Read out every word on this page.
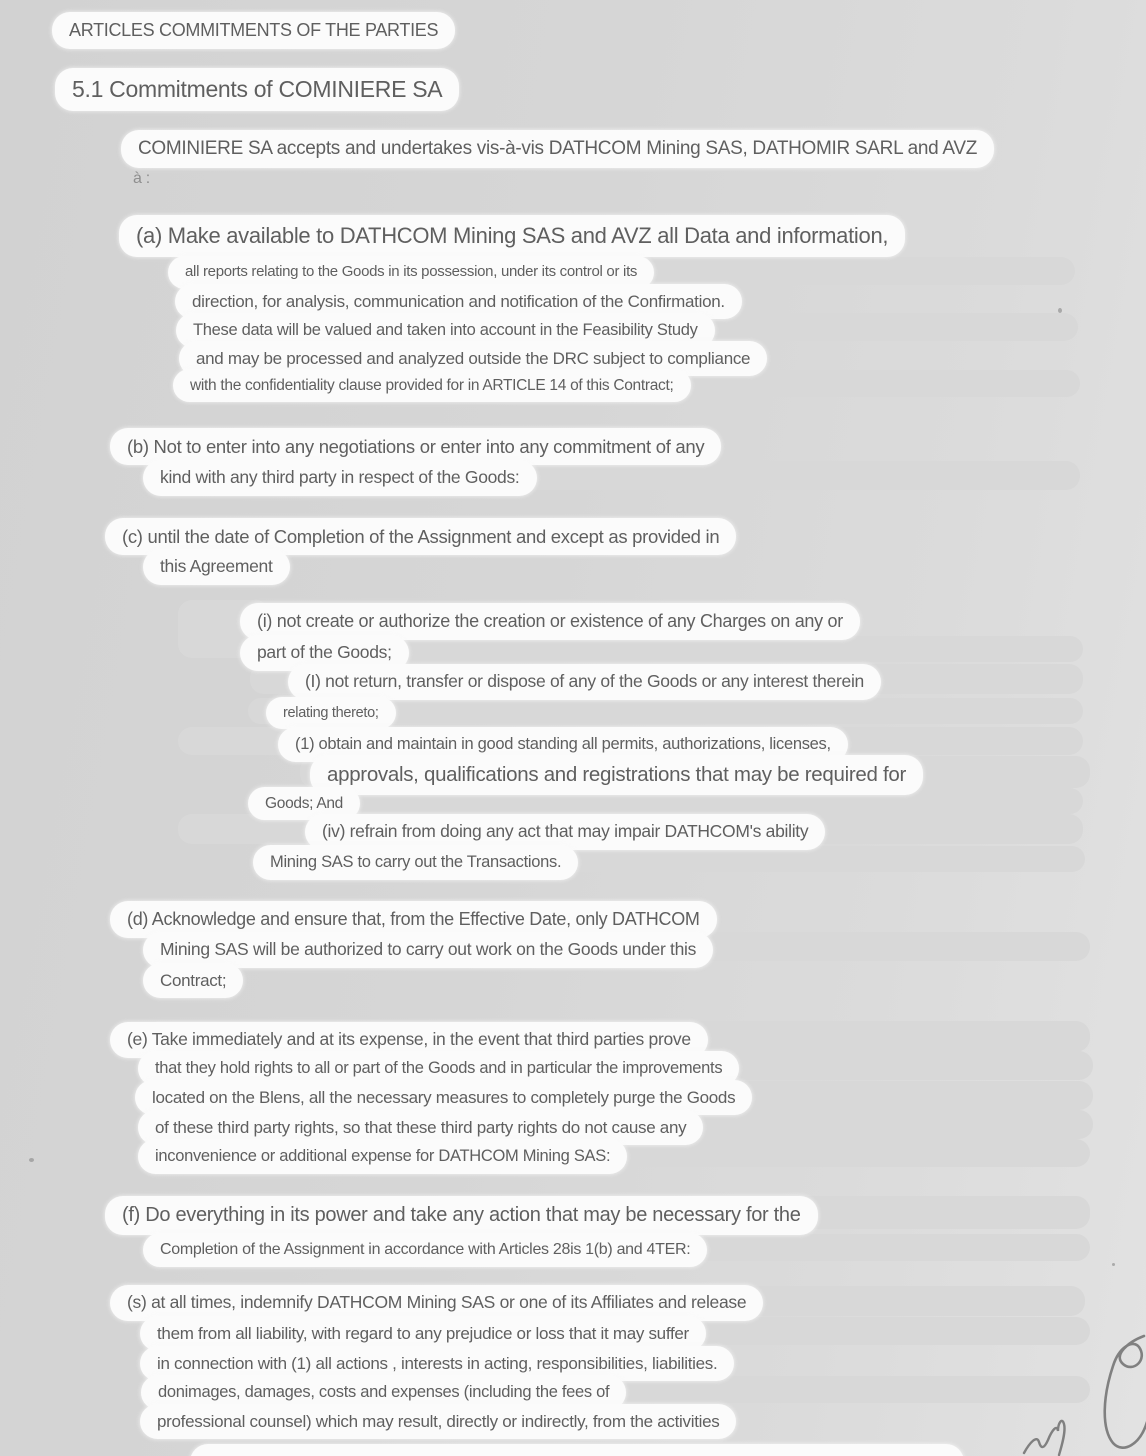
ARTICLES COMMITMENTS OF THE PARTIES
5.1 Commitments of COMINIERE SA
COMINIERE SA accepts and undertakes vis-à-vis DATHCOM Mining SAS, DATHOMIR SARL and AVZ
à :
(a) Make available to DATHCOM Mining SAS and AVZ all Data and information,
all reports relating to the Goods in its possession, under its control or its
direction, for analysis, communication and notification of the Confirmation.
These data will be valued and taken into account in the Feasibility Study
and may be processed and analyzed outside the DRC subject to compliance
with the confidentiality clause provided for in ARTICLE 14 of this Contract;
(b) Not to enter into any negotiations or enter into any commitment of any
kind with any third party in respect of the Goods:
(c) until the date of Completion of the Assignment and except as provided in
this Agreement
(i) not create or authorize the creation or existence of any Charges on any or
part of the Goods;
(I) not return, transfer or dispose of any of the Goods or any interest therein
relating thereto;
(1) obtain and maintain in good standing all permits, authorizations, licenses,
approvals, qualifications and registrations that may be required for
Goods; And
(iv) refrain from doing any act that may impair DATHCOM's ability
Mining SAS to carry out the Transactions.
(d) Acknowledge and ensure that, from the Effective Date, only DATHCOM
Mining SAS will be authorized to carry out work on the Goods under this
Contract;
(e) Take immediately and at its expense, in the event that third parties prove
that they hold rights to all or part of the Goods and in particular the improvements
located on the Blens, all the necessary measures to completely purge the Goods
of these third party rights, so that these third party rights do not cause any
inconvenience or additional expense for DATHCOM Mining SAS:
(f) Do everything in its power and take any action that may be necessary for the
Completion of the Assignment in accordance with Articles 28is 1(b) and 4TER:
(s) at all times, indemnify DATHCOM Mining SAS or one of its Affiliates and release
them from all liability, with regard to any prejudice or loss that it may suffer
in connection with (1) all actions , interests in acting, responsibilities, liabilities.
donimages, damages, costs and expenses (including the fees of
professional counsel) which may result, directly or indirectly, from the activities
